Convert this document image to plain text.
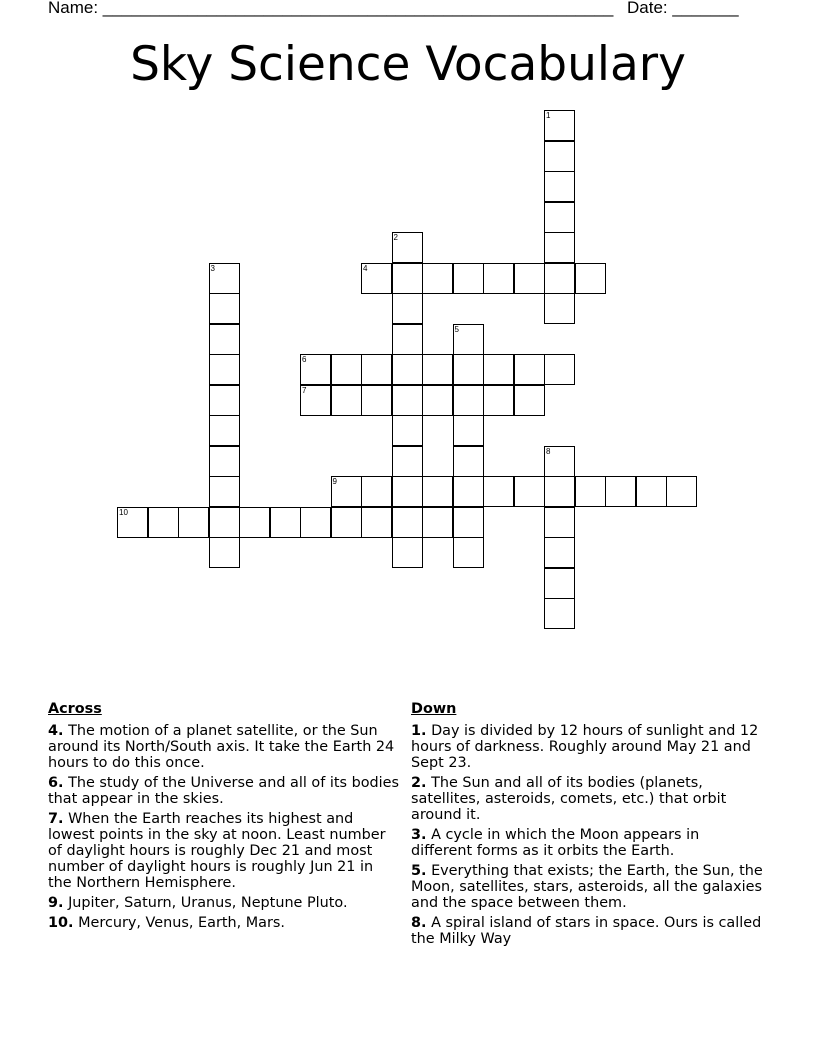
Name: ______________________________________________________ Date: _______
Sky Science Vocabulary
1
2
3	4
5
6
7
8
9
10
Across
4. The motion of a planet satellite, or the Sun around its North/South axis. It take the Earth 24 hours to do this once.
6. The study of the Universe and all of its bodies that appear in the skies.
7. When the Earth reaches its highest and lowest points in the sky at noon. Least number of daylight hours is roughly Dec 21 and most number of daylight hours is roughly Jun 21 in the Northern Hemisphere.
9. Jupiter, Saturn, Uranus, Neptune Pluto.
10. Mercury, Venus, Earth, Mars.
Down
1. Day is divided by 12 hours of sunlight and 12 hours of darkness. Roughly around May 21 and Sept 23.
2. The Sun and all of its bodies (planets, satellites, asteroids, comets, etc.) that orbit around it.
3. A cycle in which the Moon appears in different forms as it orbits the Earth.
5. Everything that exists; the Earth, the Sun, the Moon, satellites, stars, asteroids, all the galaxies and the space between them.
8. A spiral island of stars in space. Ours is called the Milky Way
